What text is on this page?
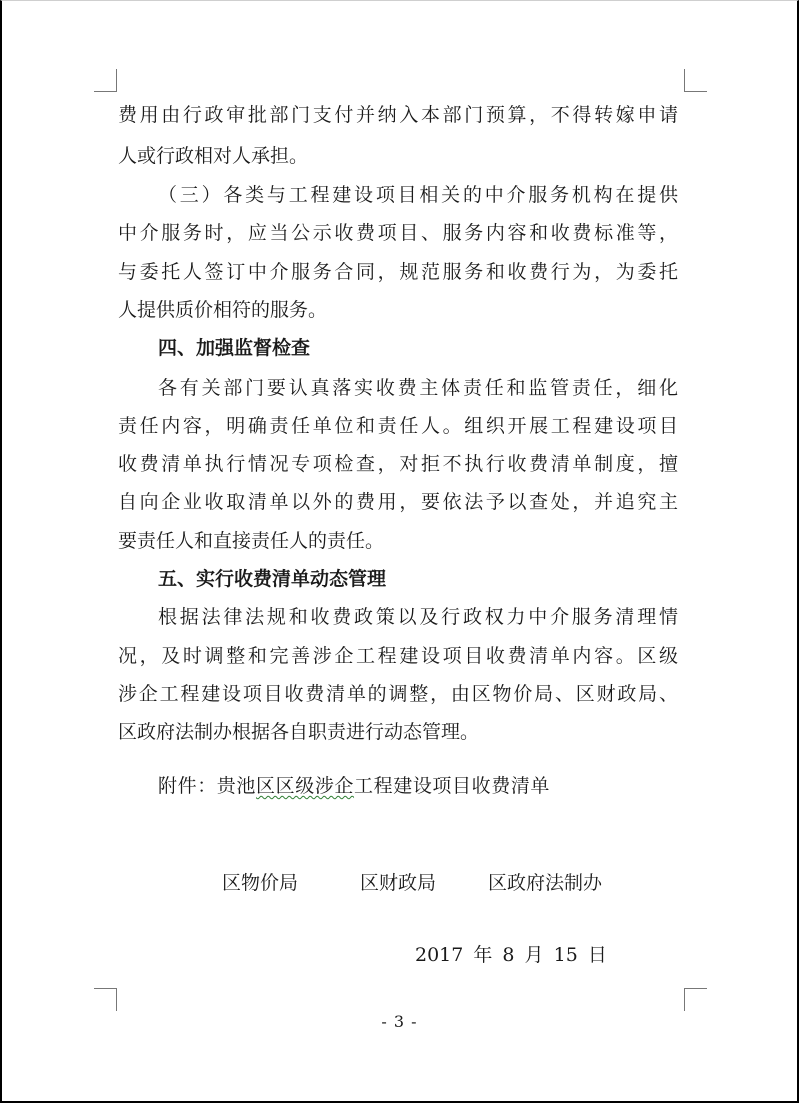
费用由行政审批部门支付并纳入本部门预算，不得转嫁申请
人或行政相对人承担。
（三）各类与工程建设项目相关的中介服务机构在提供
中介服务时，应当公示收费项目、服务内容和收费标准等，
与委托人签订中介服务合同，规范服务和收费行为，为委托
人提供质价相符的服务。
四、加强监督检查
各有关部门要认真落实收费主体责任和监管责任，细化
责任内容，明确责任单位和责任人。组织开展工程建设项目
收费清单执行情况专项检查，对拒不执行收费清单制度，擅
自向企业收取清单以外的费用，要依法予以查处，并追究主
要责任人和直接责任人的责任。
五、实行收费清单动态管理
根据法律法规和收费政策以及行政权力中介服务清理情
况，及时调整和完善涉企工程建设项目收费清单内容。区级
涉企工程建设项目收费清单的调整，由区物价局、区财政局、
区政府法制办根据各自职责进行动态管理。
附件：贵池区区级涉企工程建设项目收费清单
区物价局	区财政局	区政府法制办
2017 年 8 月 15 日
- 3 -
